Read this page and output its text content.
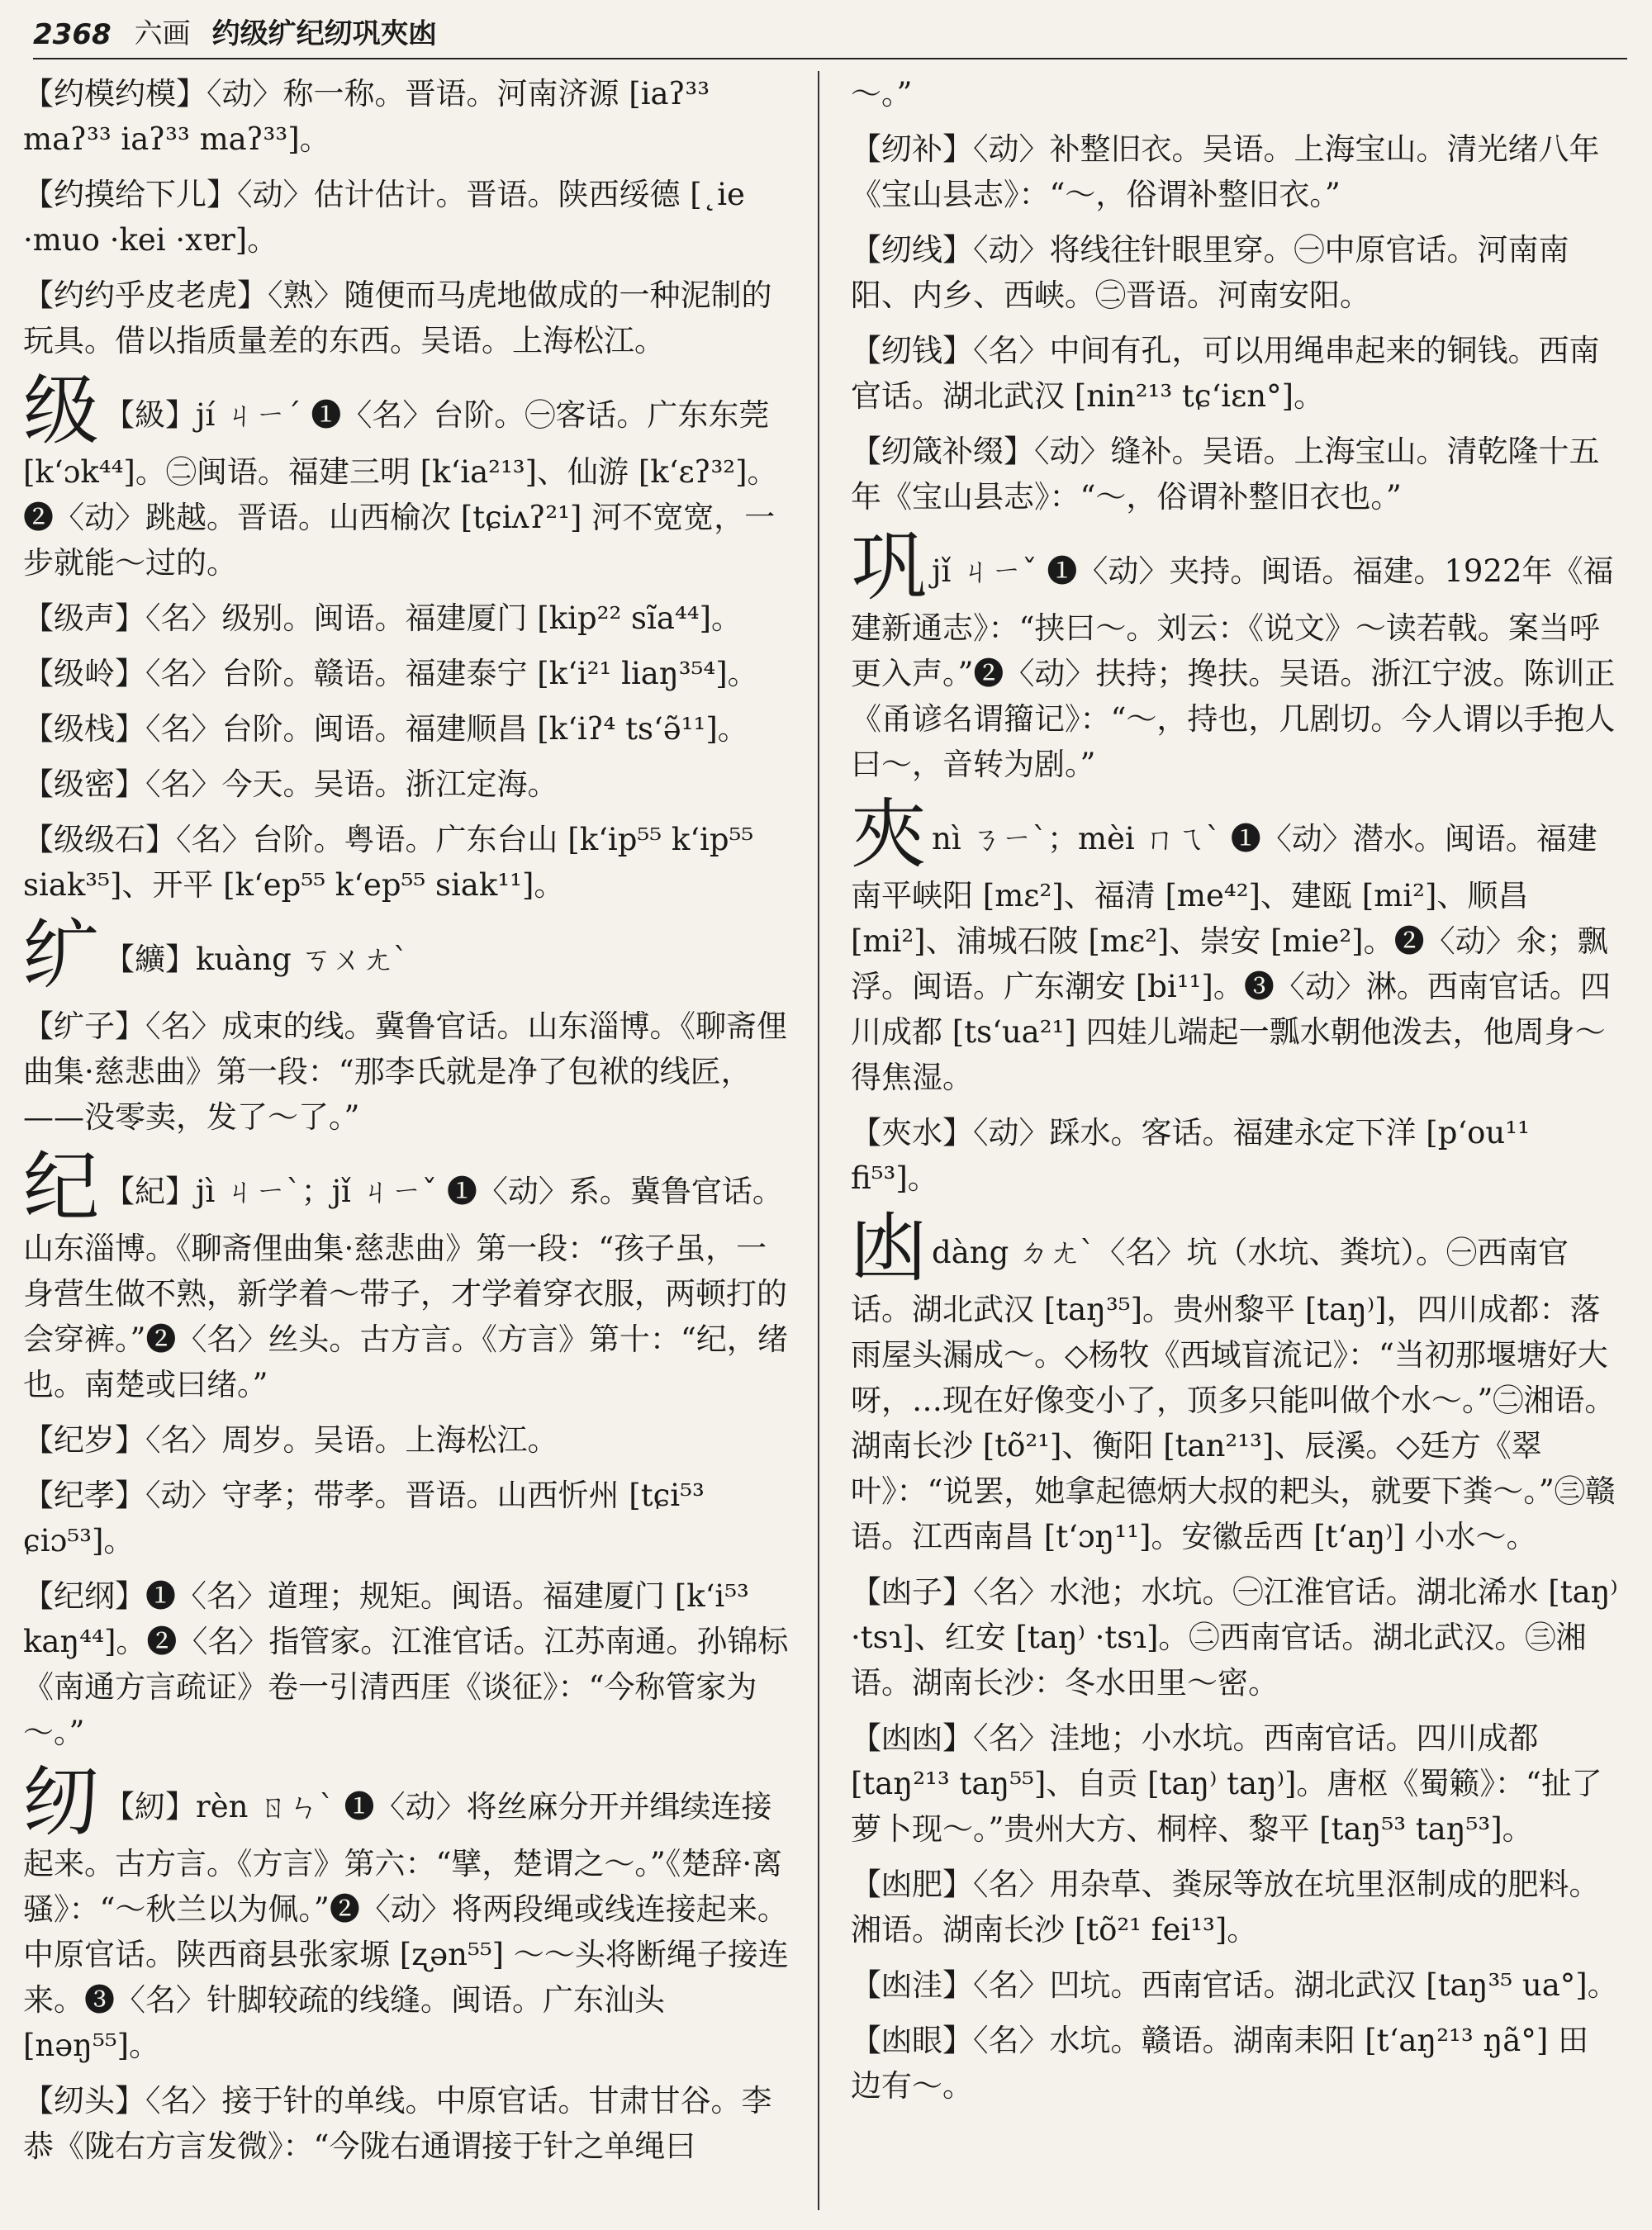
2368 六画 约级纩纪纫巩夾凼

【约模约模】〈动〉称一称。晋语。河南济源 [iaʔ³³ maʔ³³ iaʔ³³ maʔ³³]。

【约摸给下儿】〈动〉估计估计。晋语。陕西绥德 [˛ie ·muo ·kei ·xɐr]。

【约约乎皮老虎】〈熟〉随便而马虎地做成的一种泥制的玩具。借以指质量差的东西。吴语。上海松江。

级 【級】jí ㄐㄧˊ ❶〈名〉台阶。㊀客话。广东东莞 [kʻɔk⁴⁴]。㊁闽语。福建三明 [kʻia²¹³]、仙游 [kʻɛʔ³²]。❷〈动〉跳越。晋语。山西榆次 [tɕiʌʔ²¹] 河不宽宽，一步就能～过的。

【级声】〈名〉级别。闽语。福建厦门 [kip²² sĩa⁴⁴]。

【级岭】〈名〉台阶。赣语。福建泰宁 [kʻi²¹ liaŋ³⁵⁴]。

【级栈】〈名〉台阶。闽语。福建顺昌 [kʻiʔ⁴ tsʻə̃¹¹]。

【级密】〈名〉今天。吴语。浙江定海。

【级级石】〈名〉台阶。粤语。广东台山 [kʻip⁵⁵ kʻip⁵⁵ siak³⁵]、开平 [kʻep⁵⁵ kʻep⁵⁵ siak¹¹]。

纩 【纊】kuàng ㄎㄨㄤˋ

【纩子】〈名〉成束的线。冀鲁官话。山东淄博。《聊斋俚曲集·慈悲曲》第一段：“那李氏就是净了包袱的线匠，——没零卖，发了～了。”

纪 【紀】jì ㄐㄧˋ；jǐ ㄐㄧˇ ❶〈动〉系。冀鲁官话。山东淄博。《聊斋俚曲集·慈悲曲》第一段：“孩子虽，一身营生做不熟，新学着～带子，才学着穿衣服，两顿打的会穿裤。”❷〈名〉丝头。古方言。《方言》第十：“纪，绪也。南楚或曰绪。”

【纪岁】〈名〉周岁。吴语。上海松江。

【纪孝】〈动〉守孝；带孝。晋语。山西忻州 [tɕi⁵³ ɕiɔ⁵³]。

【纪纲】❶〈名〉道理；规矩。闽语。福建厦门 [kʻi⁵³ kaŋ⁴⁴]。❷〈名〉指管家。江淮官话。江苏南通。孙锦标《南通方言疏证》卷一引清西厓《谈征》：“今称管家为～。”

纫 【紉】rèn ㄖㄣˋ ❶〈动〉将丝麻分开并缉续连接起来。古方言。《方言》第六：“擘，楚谓之～。”《楚辞·离骚》：“～秋兰以为佩。”❷〈动〉将两段绳或线连接起来。中原官话。陕西商县张家塬 [ʐən⁵⁵] ～～头将断绳子接连来。❸〈名〉针脚较疏的线缝。闽语。广东汕头 [nəŋ⁵⁵]。

【纫头】〈名〉接于针的单线。中原官话。甘肃甘谷。李恭《陇右方言发微》：“今陇右通谓接于针之单绳曰

～。”

【纫补】〈动〉补整旧衣。吴语。上海宝山。清光绪八年《宝山县志》：“～，俗谓补整旧衣。”

【纫线】〈动〉将线往针眼里穿。㊀中原官话。河南南阳、内乡、西峡。㊁晋语。河南安阳。

【纫钱】〈名〉中间有孔，可以用绳串起来的铜钱。西南官话。湖北武汉 [nin²¹³ tɕʻiɛn°]。

【纫箴补缀】〈动〉缝补。吴语。上海宝山。清乾隆十五年《宝山县志》：“～，俗谓补整旧衣也。”

巩jǐ ㄐㄧˇ ❶〈动〉夹持。闽语。福建。1922年《福建新通志》：“挟曰～。刘云：《说文》～读若戟。案当呼更入声。”❷〈动〉扶持；搀扶。吴语。浙江宁波。陈训正《甬谚名谓籀记》：“～，持也，几剧切。今人谓以手抱人曰～，音转为剧。”

夾nì ㄋㄧˋ；mèi ㄇㄟˋ ❶〈动〉潜水。闽语。福建南平峡阳 [mɛ²]、福清 [me⁴²]、建瓯 [mi²]、顺昌 [mi²]、浦城石陂 [mɛ²]、崇安 [mie²]。❷〈动〉氽；飘浮。闽语。广东潮安 [bi¹¹]。❸〈动〉淋。西南官话。四川成都 [tsʻua²¹] 四娃儿端起一瓢水朝他泼去，他周身～得焦湿。

【夾水】〈动〉踩水。客话。福建永定下洋 [pʻou¹¹ fi⁵³]。

凼dàng ㄉㄤˋ〈名〉坑（水坑、粪坑）。㊀西南官话。湖北武汉 [taŋ³⁵]。贵州黎平 [taŋ⁾]，四川成都：落雨屋头漏成～。◇杨牧《西域盲流记》：“当初那堰塘好大呀，…现在好像变小了，顶多只能叫做个水～。”㊁湘语。湖南长沙 [tõ²¹]、衡阳 [tan²¹³]、辰溪。◇廷方《翠叶》：“说罢，她拿起德炳大叔的耙头，就要下粪～。”㊂赣语。江西南昌 [tʻɔŋ¹¹]。安徽岳西 [tʻaŋ⁾] 小水～。

【凼子】〈名〉水池；水坑。㊀江淮官话。湖北浠水 [taŋ⁾ ·tsɿ]、红安 [taŋ⁾ ·tsɿ]。㊁西南官话。湖北武汉。㊂湘语。湖南长沙：冬水田里～密。

【凼凼】〈名〉洼地；小水坑。西南官话。四川成都 [taŋ²¹³ taŋ⁵⁵]、自贡 [taŋ⁾ taŋ⁾]。唐枢《蜀籁》：“扯了萝卜现～。”贵州大方、桐梓、黎平 [taŋ⁵³ taŋ⁵³]。

【凼肥】〈名〉用杂草、粪尿等放在坑里沤制成的肥料。湘语。湖南长沙 [tõ²¹ fei¹³]。

【凼洼】〈名〉凹坑。西南官话。湖北武汉 [taŋ³⁵ ua°]。

【凼眼】〈名〉水坑。赣语。湖南耒阳 [tʻaŋ²¹³ ŋã°] 田边有～。
